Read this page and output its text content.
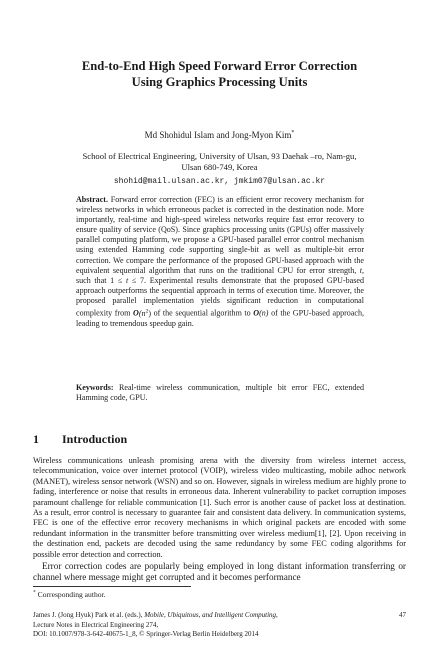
End-to-End High Speed Forward Error Correction
Using Graphics Processing Units
Md Shohidul Islam and Jong-Myon Kim*
School of Electrical Engineering, University of Ulsan, 93 Daehak –ro, Nam-gu,
Ulsan 680-749, Korea
shohid@mail.ulsan.ac.kr, jmkim07@ulsan.ac.kr
Abstract. Forward error correction (FEC) is an efficient error recovery mechanism for wireless networks in which erroneous packet is corrected in the destination node. More importantly, real-time and high-speed wireless networks require fast error recovery to ensure quality of service (QoS). Since graphics processing units (GPUs) offer massively parallel computing platform, we propose a GPU-based parallel error control mechanism using extended Hamming code supporting single-bit as well as multiple-bit error correction. We compare the performance of the proposed GPU-based approach with the equivalent sequential algorithm that runs on the traditional CPU for error strength, t, such that 1 ≤ t ≤ 7. Experimental results demonstrate that the proposed GPU-based approach outperforms the sequential approach in terms of execution time. Moreover, the proposed parallel implementation yields significant reduction in computational complexity from $O(n^2)$ of the sequential algorithm to O(n) of the GPU-based approach, leading to tremendous speedup gain.
Keywords: Real-time wireless communication, multiple bit error FEC, extended Hamming code, GPU.
1 Introduction

Wireless communications unleash promising arena with the diversity from wireless internet access, telecommunication, voice over internet protocol (VOIP), wireless video multicasting, mobile adhoc network (MANET), wireless sensor network (WSN) and so on. However, signals in wireless medium are highly prone to fading, interference or noise that results in erroneous data. Inherent vulnerability to packet corruption imposes paramount challenge for reliable communication [1]. Such error is another cause of packet loss at destination. As a result, error control is necessary to guarantee fair and consistent data delivery. In communication systems, FEC is one of the effective error recovery mechanisms in which original packets are encoded with some redundant information in the transmitter before transmitting over wireless medium[1], [2]. Upon receiving in the destination end, packets are decoded using the same redundancy by some FEC coding algorithms for possible error detection and correction.

Error correction codes are popularly being employed in long distant information transferring or channel where message might get corrupted and it becomes performance

* Corresponding author.
James J. (Jong Hyuk) Park et al. (eds.), Mobile, Ubiquitous, and Intelligent Computing,
Lecture Notes in Electrical Engineering 274,
DOI: 10.1007/978-3-642-40675-1_8, © Springer-Verlag Berlin Heidelberg 2014
47
